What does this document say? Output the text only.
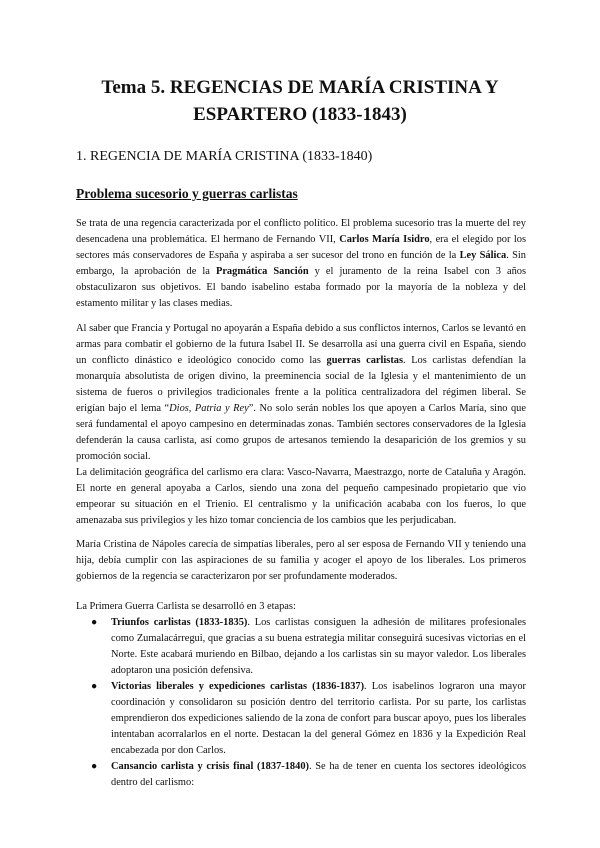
Tema 5. REGENCIAS DE MARÍA CRISTINA Y
ESPARTERO (1833-1843)
1. REGENCIA DE MARÍA CRISTINA (1833-1840)
Problema sucesorio y guerras carlistas

Se trata de una regencia caracterizada por el conflicto político. El problema sucesorio tras la muerte del rey desencadena una problemática. El hermano de Fernando VII, Carlos María Isidro, era el elegido por los sectores más conservadores de España y aspiraba a ser sucesor del trono en función de la Ley Sálica. Sin embargo, la aprobación de la Pragmática Sanción y el juramento de la reina Isabel con 3 años obstaculizaron sus objetivos. El bando isabelino estaba formado por la mayoría de la nobleza y del estamento militar y las clases medias.

Al saber que Francia y Portugal no apoyarán a España debido a sus conflictos internos, Carlos se levantó en armas para combatir el gobierno de la futura Isabel II. Se desarrolla así una guerra civil en España, siendo un conflicto dinástico e ideológico conocido como las guerras carlistas. Los carlistas defendían la monarquía absolutista de origen divino, la preeminencia social de la Iglesia y el mantenimiento de un sistema de fueros o privilegios tradicionales frente a la política centralizadora del régimen liberal. Se erigían bajo el lema “Dios, Patria y Rey”. No solo serán nobles los que apoyen a Carlos María, sino que será fundamental el apoyo campesino en determinadas zonas. También sectores conservadores de la Iglesia defenderán la causa carlista, así como grupos de artesanos temiendo la desaparición de los gremios y su promoción social.

La delimitación geográfica del carlismo era clara: Vasco-Navarra, Maestrazgo, norte de Cataluña y Aragón. El norte en general apoyaba a Carlos, siendo una zona del pequeño campesinado propietario que vio empeorar su situación en el Trienio. El centralismo y la unificación acababa con los fueros, lo que amenazaba sus privilegios y les hizo tomar conciencia de los cambios que les perjudicaban.

María Cristina de Nápoles carecía de simpatías liberales, pero al ser esposa de Fernando VII y teniendo una hija, debía cumplir con las aspiraciones de su familia y acoger el apoyo de los liberales. Los primeros gobiernos de la regencia se caracterizaron por ser profundamente moderados.

La Primera Guerra Carlista se desarrolló en 3 etapas:

● Triunfos carlistas (1833-1835). Los carlistas consiguen la adhesión de militares profesionales como Zumalacárregui, que gracias a su buena estrategia militar conseguirá sucesivas victorias en el Norte. Este acabará muriendo en Bilbao, dejando a los carlistas sin su mayor valedor. Los liberales adoptaron una posición defensiva.
● Victorias liberales y expediciones carlistas (1836-1837). Los isabelinos lograron una mayor coordinación y consolidaron su posición dentro del territorio carlista. Por su parte, los carlistas emprendieron dos expediciones saliendo de la zona de confort para buscar apoyo, pues los liberales intentaban acorralarlos en el norte. Destacan la del general Gómez en 1836 y la Expedición Real encabezada por don Carlos.
● Cansancio carlista y crisis final (1837-1840). Se ha de tener en cuenta los sectores ideológicos dentro del carlismo:
